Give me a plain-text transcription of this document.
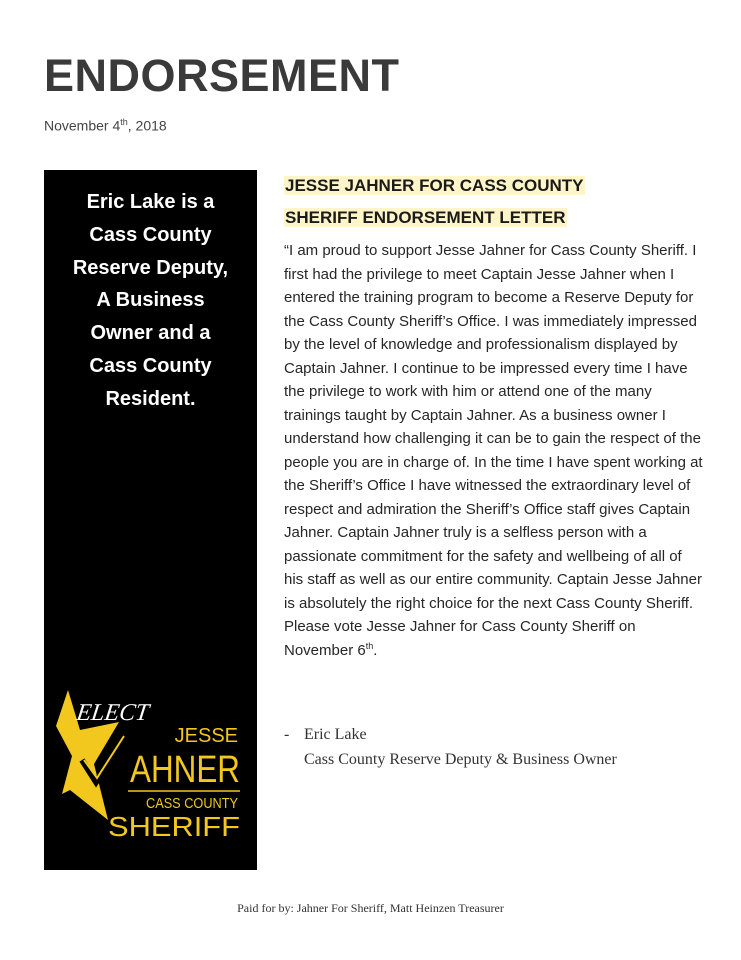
ENDORSEMENT
November 4th, 2018
Eric Lake is a
Cass County
Reserve Deputy,
A Business
Owner and a
Cass County
Resident.
ELECT
JESSE
AHNER
CASS COUNTY
SHERIFF
JESSE JAHNER FOR CASS COUNTY
SHERIFF ENDORSEMENT LETTER
“I am proud to support Jesse Jahner for Cass County Sheriff. I first had the privilege to meet Captain Jesse Jahner when I entered the training program to become a Reserve Deputy for the Cass County Sheriff’s Office. I was immediately impressed by the level of knowledge and professionalism displayed by Captain Jahner. I continue to be impressed every time I have the privilege to work with him or attend one of the many trainings taught by Captain Jahner. As a business owner I understand how challenging it can be to gain the respect of the people you are in charge of. In the time I have spent working at the Sheriff’s Office I have witnessed the extraordinary level of respect and admiration the Sheriff’s Office staff gives Captain Jahner. Captain Jahner truly is a selfless person with a passionate commitment for the safety and wellbeing of all of his staff as well as our entire community. Captain Jesse Jahner is absolutely the right choice for the next Cass County Sheriff. Please vote Jesse Jahner for Cass County Sheriff on November 6th.
- Eric Lake
Cass County Reserve Deputy & Business Owner
Paid for by: Jahner For Sheriff, Matt Heinzen Treasurer
